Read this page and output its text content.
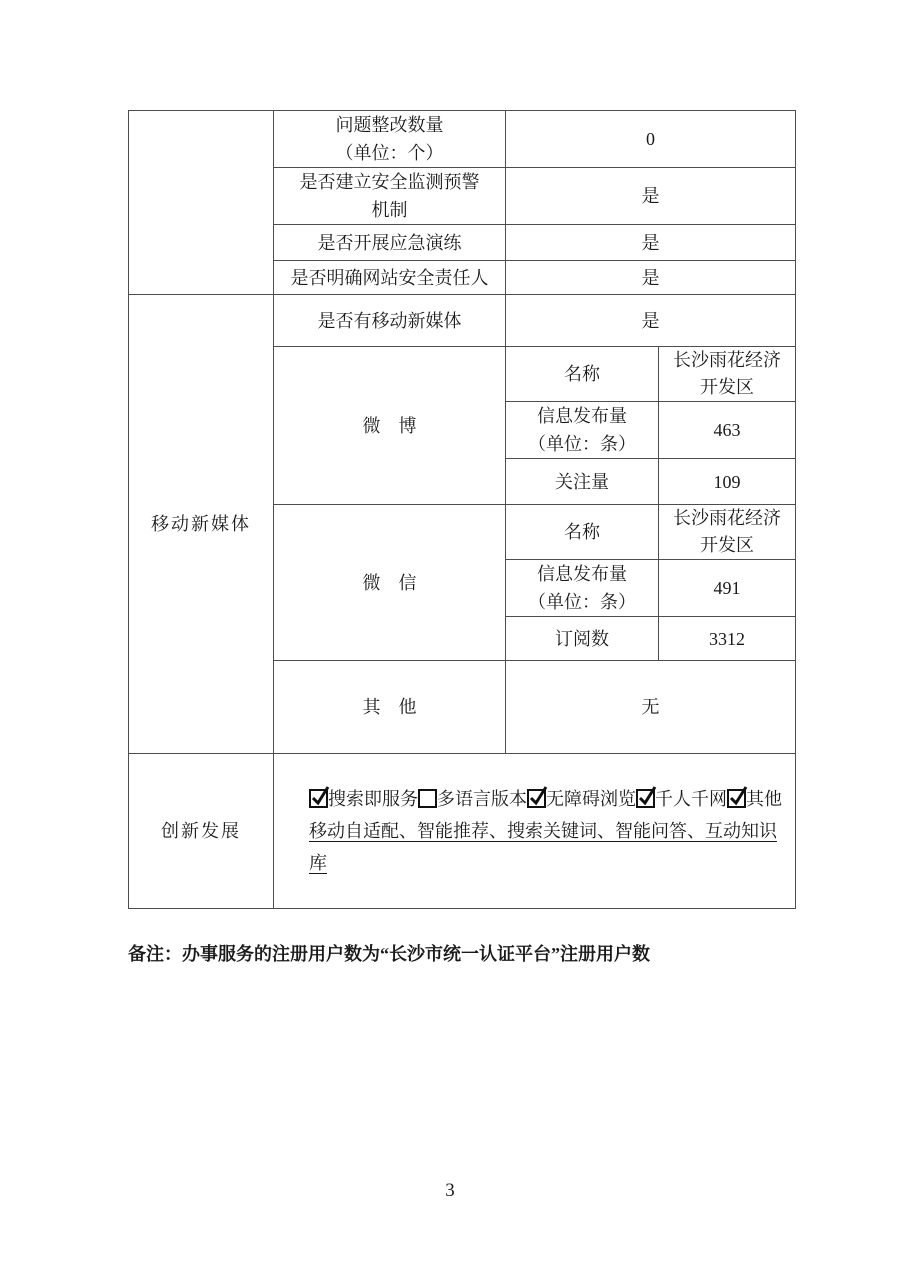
	问题整改数量（单位：个）	0	

	是否建立安全监测预警机制	是	
	是否开展应急演练	是	
	是否明确网站安全责任人	是	
移动新媒体	是否有移动新媒体	是	
	微　博	名称	长沙雨花经济开发区

		信息发布量（单位：条）	463
		关注量	109
	微　信	名称	长沙雨花经济开发区

		信息发布量（单位：条）	491
		订阅数	3312
	其　他	无	
创新发展	搜索即服务 多语言版本 无障碍浏览 千人千网 其他
移动自适配、智能推荐、搜索关键词、智能问答、互动知识库		
备注：办事服务的注册用户数为“长沙市统一认证平台”注册用户数
3
